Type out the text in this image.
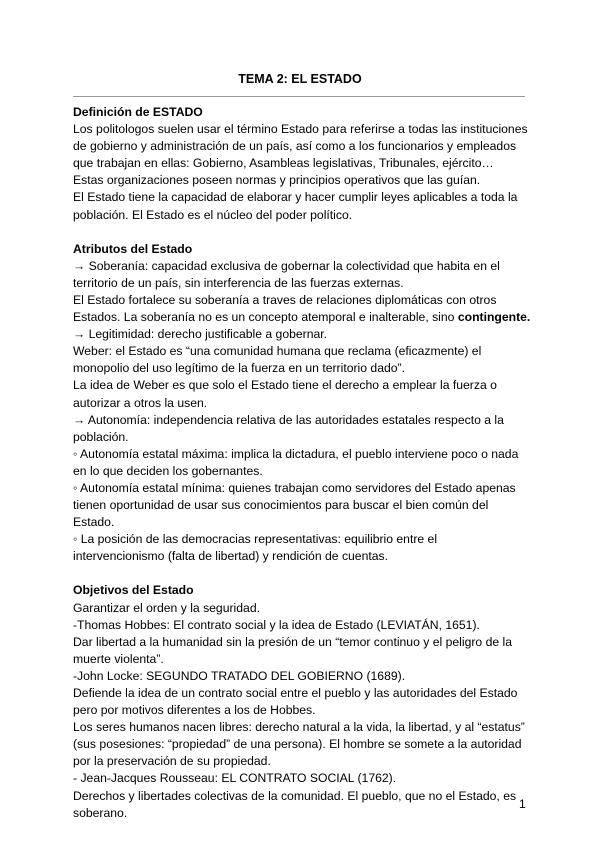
TEMA 2: EL ESTADO
Definición de ESTADO
Los politologos suelen usar el término Estado para referirse a todas las instituciones
de gobierno y administración de un país, así como a los funcionarios y empleados
que trabajan en ellas: Gobierno, Asambleas legislativas, Tribunales, ejército…
Estas organizaciones poseen normas y principios operativos que las guían.
El Estado tiene la capacidad de elaborar y hacer cumplir leyes aplicables a toda la
población. El Estado es el núcleo del poder político.
Atributos del Estado
→ Soberanía: capacidad exclusiva de gobernar la colectividad que habita en el
territorio de un país, sin interferencia de las fuerzas externas.
El Estado fortalece su soberanía a traves de relaciones diplomáticas con otros
Estados. La soberanía no es un concepto atemporal e inalterable, sino contingente.
→ Legitimidad: derecho justificable a gobernar.
Weber: el Estado es “una comunidad humana que reclama (eficazmente) el
monopolio del uso legítimo de la fuerza en un territorio dado”.
La idea de Weber es que solo el Estado tiene el derecho a emplear la fuerza o
autorizar a otros la usen.
→ Autonomía: independencia relativa de las autoridades estatales respecto a la
población.
◦ Autonomía estatal máxima: implica la dictadura, el pueblo interviene poco o nada
en lo que deciden los gobernantes.
◦ Autonomía estatal mínima: quienes trabajan como servidores del Estado apenas
tienen oportunidad de usar sus conocimientos para buscar el bien común del
Estado.
◦ La posición de las democracias representativas: equilibrio entre el
intervencionismo (falta de libertad) y rendición de cuentas.
Objetivos del Estado
Garantizar el orden y la seguridad.
-Thomas Hobbes: El contrato social y la idea de Estado (LEVIATÁN, 1651).
Dar libertad a la humanidad sin la presión de un “temor continuo y el peligro de la
muerte violenta”.
-John Locke: SEGUNDO TRATADO DEL GOBIERNO (1689).
Defiende la idea de un contrato social entre el pueblo y las autoridades del Estado
pero por motivos diferentes a los de Hobbes.
Los seres humanos nacen libres: derecho natural a la vida, la libertad, y al “estatus”
(sus posesiones: “propiedad” de una persona). El hombre se somete a la autoridad
por la preservación de su propiedad.
- Jean-Jacques Rousseau: EL CONTRATO SOCIAL (1762).
Derechos y libertades colectivas de la comunidad. El pueblo, que no el Estado, es
soberano.
1
